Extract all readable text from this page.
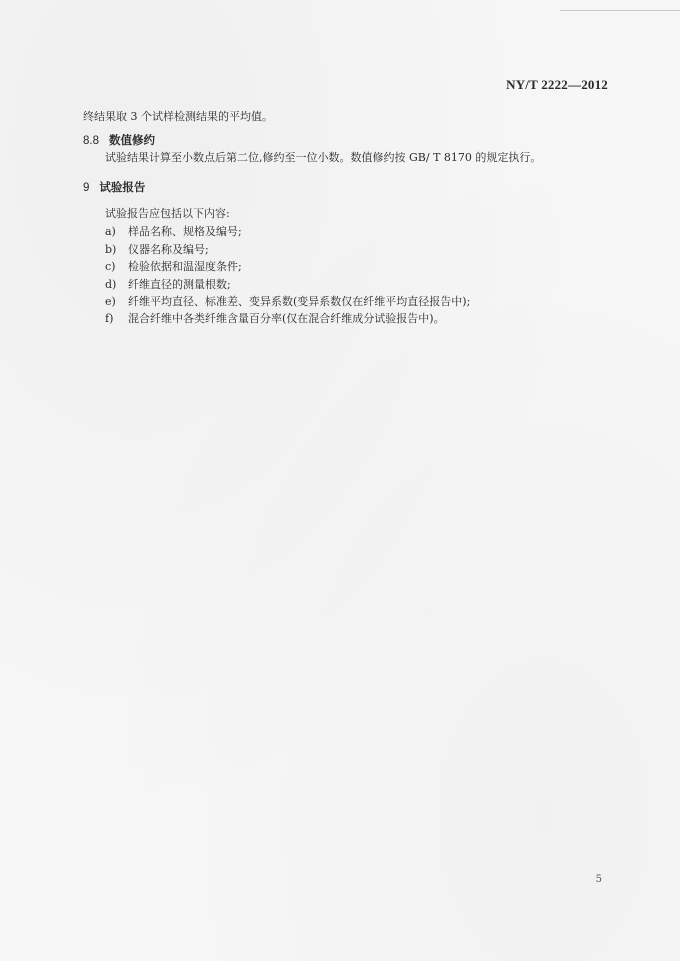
NY/T 2222—2012
终结果取 3 个试样检测结果的平均值。
8.8 数值修约
试验结果计算至小数点后第二位,修约至一位小数。数值修约按 GB/ T 8170 的规定执行。
9 试验报告
试验报告应包括以下内容:
a) 样品名称、规格及编号;
b) 仪器名称及编号;
c) 检验依据和温湿度条件;
d) 纤维直径的测量根数;
e) 纤维平均直径、标准差、变异系数(变异系数仅在纤维平均直径报告中);
f) 混合纤维中各类纤维含量百分率(仅在混合纤维成分试验报告中)。
5
